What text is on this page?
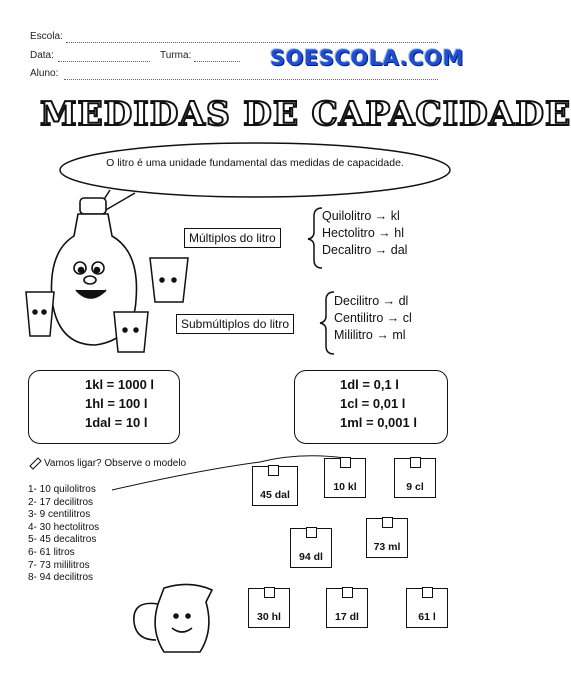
Escola:
Data:	Turma:
Aluno:
SOESCOLA.COM
MEDIDAS DE CAPACIDADE
O litro é uma unidade fundamental das medidas de capacidade.
Múltiplos do litro
Quilolitro → kl
Hectolitro → hl
Decalitro → dal
Submúltiplos do litro
Decilitro → dl
Centilitro → cl
Mililitro → ml
1kl = 1000 l
1hl = 100 l
1dal = 10 l
1dl = 0,1 l
1cl = 0,01 l
1ml = 0,001 l
Vamos ligar? Observe o modelo
1- 10 quilolitros
2- 17 decilitros
3- 9 centilitros
4- 30 hectolitros
5- 45 decalitros
6- 61 litros
7- 73 mililitros
8- 94 decilitros
45 dal
10 kl	9 cl
94 dl
73 ml
30 hl	17 dl	61 l
